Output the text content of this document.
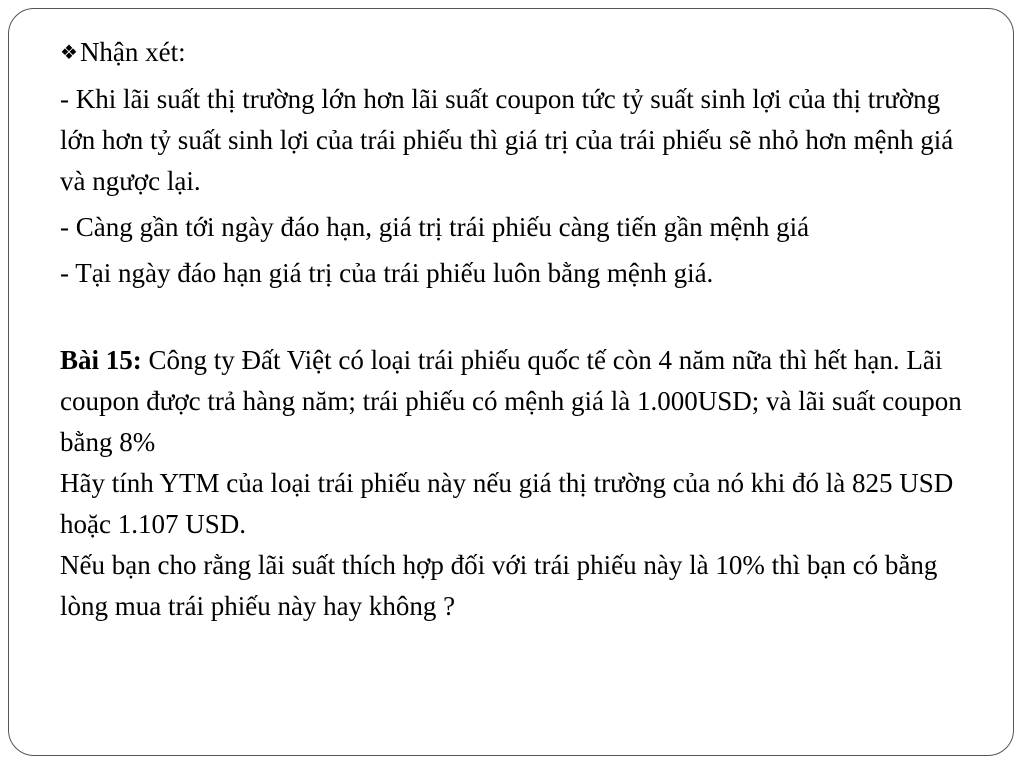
❖Nhận xét:

- Khi lãi suất thị trường lớn hơn lãi suất coupon tức tỷ suất sinh lợi của thị trường lớn hơn tỷ suất sinh lợi của trái phiếu thì giá trị của trái phiếu sẽ nhỏ hơn mệnh giá và ngược lại.

- Càng gần tới ngày đáo hạn, giá trị trái phiếu càng tiến gần mệnh giá

- Tại ngày đáo hạn giá trị của trái phiếu luôn bằng mệnh giá.

Bài 15: Công ty Đất Việt có loại trái phiếu quốc tế còn 4 năm nữa thì hết hạn. Lãi coupon được trả hàng năm; trái phiếu có mệnh giá là 1.000USD; và lãi suất coupon bằng 8%

Hãy tính YTM của loại trái phiếu này nếu giá thị trường của nó khi đó là 825 USD hoặc 1.107 USD.

Nếu bạn cho rằng lãi suất thích hợp đối với trái phiếu này là 10% thì bạn có bằng lòng mua trái phiếu này hay không ?
